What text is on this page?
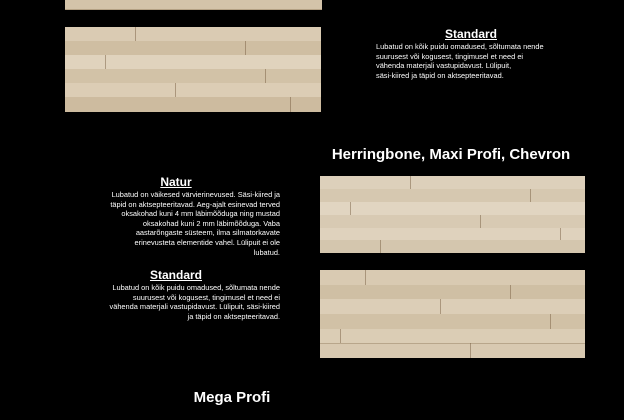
Standard
Lubatud on kõik puidu omadused, sõltumata nende
suurusest või kogusest, tingimusel et need ei
vähenda materjali vastupidavust. Lülipuit,
säsi-kiired ja täpid on aktsepteeritavad.
Herringbone, Maxi Profi, Chevron
Natur
Lubatud on väikesed värvierinevused. Säsi-kiired ja
täpid on aktsepteeritavad. Aeg-ajalt esinevad terved
oksakohad kuni 4 mm läbimõõduga ning mustad
oksakohad kuni 2 mm läbimõõduga. Vaba
aastarõngaste süsteem, ilma silmatorkavate
erinevusteta elementide vahel. Lülipuit ei ole
lubatud.
Standard
Lubatud on kõik puidu omadused, sõltumata nende
suurusest või kogusest, tingimusel et need ei
vähenda materjali vastupidavust. Lülipuit, säsi-kiired
ja täpid on aktsepteeritavad.
Mega Profi
